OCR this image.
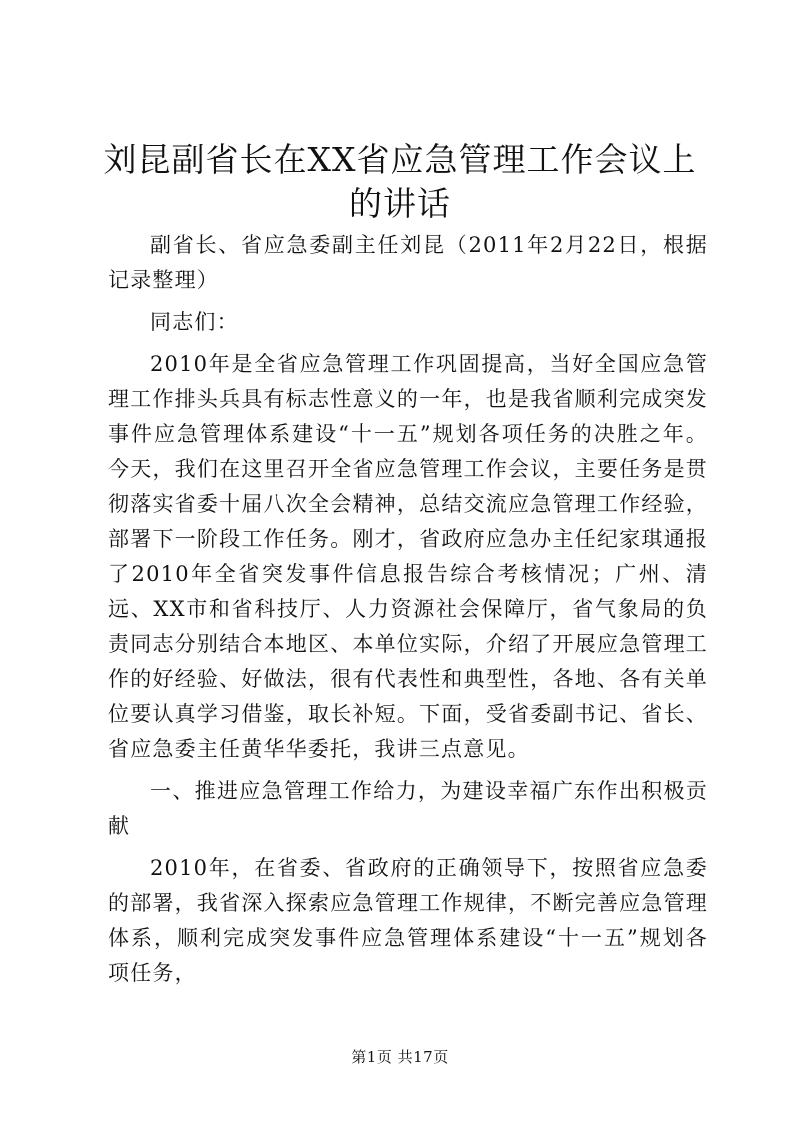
刘昆副省长在XX省应急管理工作会议上的讲话

副省长、省应急委副主任刘昆（2011年2月22日，根据记录整理）

同志们：

2010年是全省应急管理工作巩固提高，当好全国应急管理工作排头兵具有标志性意义的一年，也是我省顺利完成突发事件应急管理体系建设“十一五”规划各项任务的决胜之年。今天，我们在这里召开全省应急管理工作会议，主要任务是贯彻落实省委十届八次全会精神，总结交流应急管理工作经验，部署下一阶段工作任务。刚才，省政府应急办主任纪家琪通报了2010年全省突发事件信息报告综合考核情况；广州、清远、XX市和省科技厅、人力资源社会保障厅，省气象局的负责同志分别结合本地区、本单位实际，介绍了开展应急管理工作的好经验、好做法，很有代表性和典型性，各地、各有关单位要认真学习借鉴，取长补短。下面，受省委副书记、省长、省应急委主任黄华华委托，我讲三点意见。

一、推进应急管理工作给力，为建设幸福广东作出积极贡献

2010年，在省委、省政府的正确领导下，按照省应急委的部署，我省深入探索应急管理工作规律，不断完善应急管理体系，顺利完成突发事件应急管理体系建设“十一五”规划各项任务，

第1页 共17页
